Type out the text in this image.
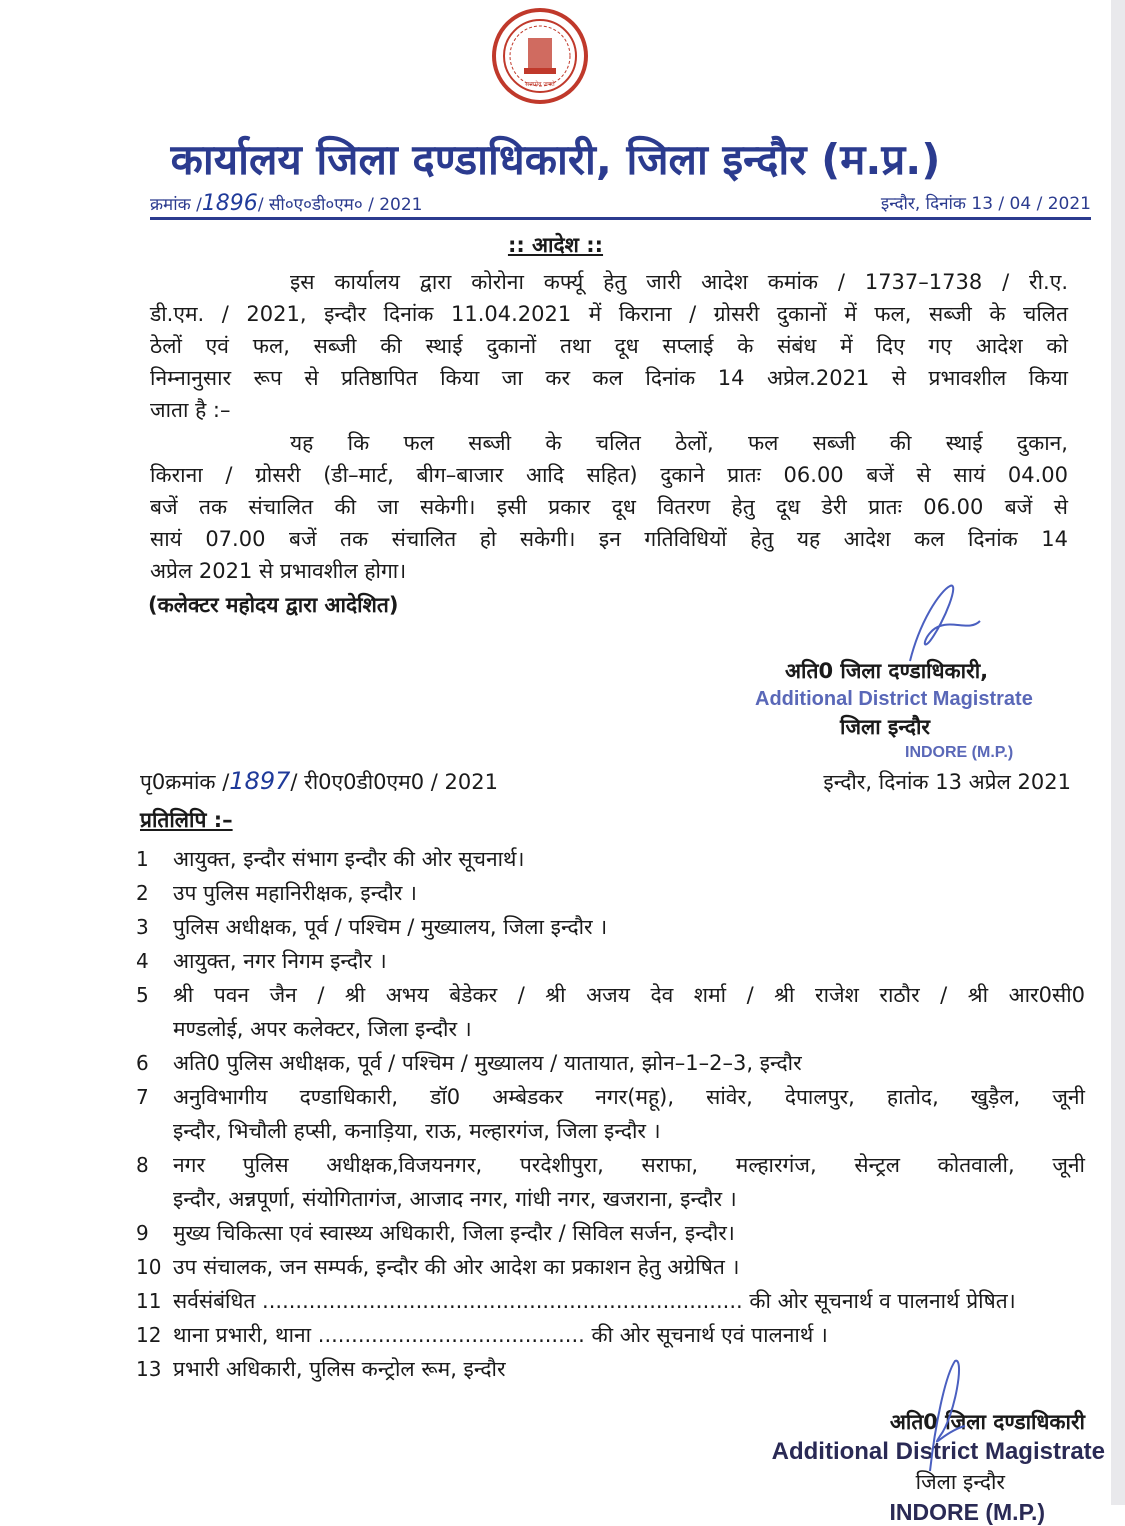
सत्यमेव जयते
कार्यालय जिला दण्डाधिकारी, जिला इन्दौर (म.प्र.)
क्रमांक /1896/ सी०ए०डी०एम० / 2021	इन्दौर, दिनांक 13 / 04 / 2021
:: आदेश ::
इस कार्यालय द्वारा कोरोना कर्फ्यू हेतु जारी आदेश कमांक / 1737–1738 / री.ए.
डी.एम. / 2021, इन्दौर दिनांक 11.04.2021 में किराना / ग्रोसरी दुकानों में फल, सब्जी के चलित
ठेलों एवं फल, सब्जी की स्थाई दुकानों तथा दूध सप्लाई के संबंध में दिए गए आदेश को
निम्नानुसार रूप से प्रतिष्ठापित किया जा कर कल दिनांक 14 अप्रेल.2021 से प्रभावशील किया
जाता है :–
यह कि फल सब्जी के चलित ठेलों, फल सब्जी की स्थाई दुकान,
किराना / ग्रोसरी (डी–मार्ट, बीग–बाजार आदि सहित) दुकाने प्रातः 06.00 बजें से सायं 04.00
बजें तक संचालित की जा सकेगी। इसी प्रकार दूध वितरण हेतु दूध डेरी प्रातः 06.00 बजें से
सायं 07.00 बजें तक संचालित हो सकेगी। इन गतिविधियों हेतु यह आदेश कल दिनांक 14
अप्रेल 2021 से प्रभावशील होगा।
(कलेक्टर महोदय द्वारा आदेशित)
अति0 जिला दण्डाधिकारी,
Additional District Magistrate
जिला इन्दौर
INDORE (M.P.)
पृ0क्रमांक /1897/ री0ए0डी0एम0 / 2021	इन्दौर, दिनांक 13 अप्रेल 2021
प्रतिलिपि :–
1	आयुक्त, इन्दौर संभाग इन्दौर की ओर सूचनार्थ।
2	उप पुलिस महानिरीक्षक, इन्दौर ।
3	पुलिस अधीक्षक, पूर्व / पश्चिम / मुख्यालय, जिला इन्दौर ।
4	आयुक्त, नगर निगम इन्दौर ।
5	श्री पवन जैन / श्री अभय बेडेकर / श्री अजय देव शर्मा / श्री राजेश राठौर / श्री आर0सी0
मण्डलोई, अपर कलेक्टर, जिला इन्दौर ।
6	अति0 पुलिस अधीक्षक, पूर्व / पश्चिम / मुख्यालय / यातायात, झोन–1–2–3, इन्दौर
7	अनुविभागीय दण्डाधिकारी, डॉ0 अम्बेडकर नगर(महू), सांवेर, देपालपुर, हातोद, खुड़ैल, जूनी
इन्दौर, भिचौली हप्सी, कनाड़िया, राऊ, मल्हारगंज, जिला इन्दौर ।
8	नगर पुलिस अधीक्षक,विजयनगर, परदेशीपुरा, सराफा, मल्हारगंज, सेन्ट्रल कोतवाली, जूनी
इन्दौर, अन्नपूर्णा, संयोगितागंज, आजाद नगर, गांधी नगर, खजराना, इन्दौर ।
9	मुख्य चिकित्सा एवं स्वास्थ्य अधिकारी, जिला इन्दौर / सिविल सर्जन, इन्दौर।
10 उप संचालक, जन सम्पर्क, इन्दौर की ओर आदेश का प्रकाशन हेतु अग्रेषित ।
11 सर्वसंबंधित ........................................................................ की ओर सूचनार्थ व पालनार्थ प्रेषित।
12 थाना प्रभारी, थाना ........................................ की ओर सूचनार्थ एवं पालनार्थ ।
13 प्रभारी अधिकारी, पुलिस कन्ट्रोल रूम, इन्दौर
अति0 जिला दण्डाधिकारी
Additional District Magistrate
जिला इन्दौर
INDORE (M.P.)
